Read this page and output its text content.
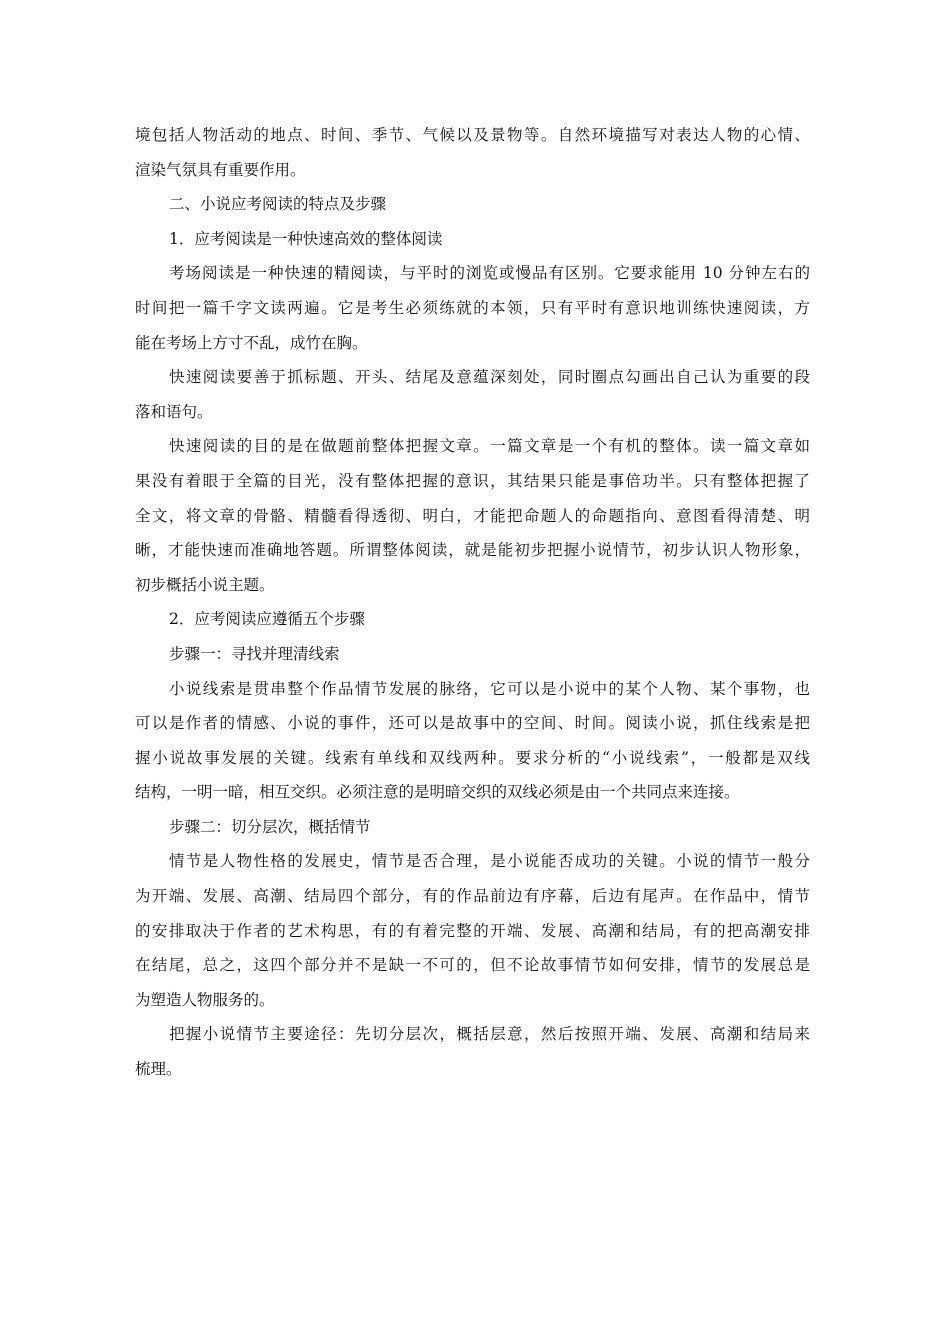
境包括人物活动的地点、时间、季节、气候以及景物等。自然环境描写对表达人物的心情、
渲染气氛具有重要作用。
二、小说应考阅读的特点及步骤
1．应考阅读是一种快速高效的整体阅读
考场阅读是一种快速的精阅读，与平时的浏览或慢品有区别。它要求能用 10 分钟左右的
时间把一篇千字文读两遍。它是考生必须练就的本领，只有平时有意识地训练快速阅读，方
能在考场上方寸不乱，成竹在胸。
快速阅读要善于抓标题、开头、结尾及意蕴深刻处，同时圈点勾画出自己认为重要的段
落和语句。
快速阅读的目的是在做题前整体把握文章。一篇文章是一个有机的整体。读一篇文章如
果没有着眼于全篇的目光，没有整体把握的意识，其结果只能是事倍功半。只有整体把握了
全文，将文章的骨骼、精髓看得透彻、明白，才能把命题人的命题指向、意图看得清楚、明
晰，才能快速而准确地答题。所谓整体阅读，就是能初步把握小说情节，初步认识人物形象，
初步概括小说主题。
2．应考阅读应遵循五个步骤
步骤一：寻找并理清线索
小说线索是贯串整个作品情节发展的脉络，它可以是小说中的某个人物、某个事物，也
可以是作者的情感、小说的事件，还可以是故事中的空间、时间。阅读小说，抓住线索是把
握小说故事发展的关键。线索有单线和双线两种。要求分析的“小说线索”，一般都是双线
结构，一明一暗，相互交织。必须注意的是明暗交织的双线必须是由一个共同点来连接。
步骤二：切分层次，概括情节
情节是人物性格的发展史，情节是否合理，是小说能否成功的关键。小说的情节一般分
为开端、发展、高潮、结局四个部分，有的作品前边有序幕，后边有尾声。在作品中，情节
的安排取决于作者的艺术构思，有的有着完整的开端、发展、高潮和结局，有的把高潮安排
在结尾，总之，这四个部分并不是缺一不可的，但不论故事情节如何安排，情节的发展总是
为塑造人物服务的。
把握小说情节主要途径：先切分层次，概括层意，然后按照开端、发展、高潮和结局来
梳理。
